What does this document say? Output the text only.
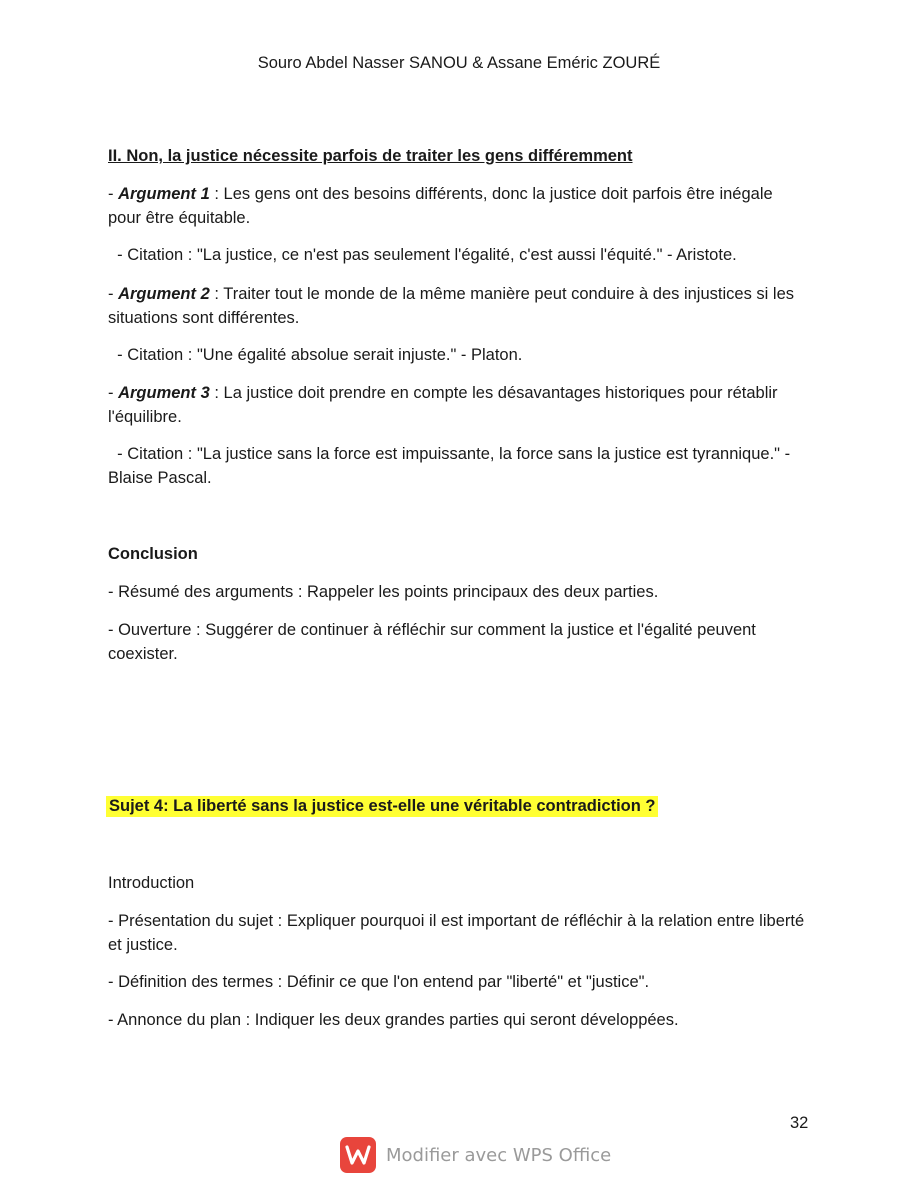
Souro Abdel Nasser SANOU & Assane Eméric ZOURÉ
II. Non, la justice nécessite parfois de traiter les gens différemment

- Argument 1 : Les gens ont des besoins différents, donc la justice doit parfois être inégale pour être équitable.

- Citation : "La justice, ce n'est pas seulement l'égalité, c'est aussi l'équité." - Aristote.

- Argument 2 : Traiter tout le monde de la même manière peut conduire à des injustices si les situations sont différentes.

- Citation : "Une égalité absolue serait injuste." - Platon.

- Argument 3 : La justice doit prendre en compte les désavantages historiques pour rétablir l'équilibre.

- Citation : "La justice sans la force est impuissante, la force sans la justice est tyrannique." - Blaise Pascal.

Conclusion

- Résumé des arguments : Rappeler les points principaux des deux parties.

- Ouverture : Suggérer de continuer à réfléchir sur comment la justice et l'égalité peuvent coexister.

Sujet 4: La liberté sans la justice est-elle une véritable contradiction ?
Introduction

- Présentation du sujet : Expliquer pourquoi il est important de réfléchir à la relation entre liberté et justice.

- Définition des termes : Définir ce que l'on entend par "liberté" et "justice".

- Annonce du plan : Indiquer les deux grandes parties qui seront développées.

32
Modifier avec WPS Office
